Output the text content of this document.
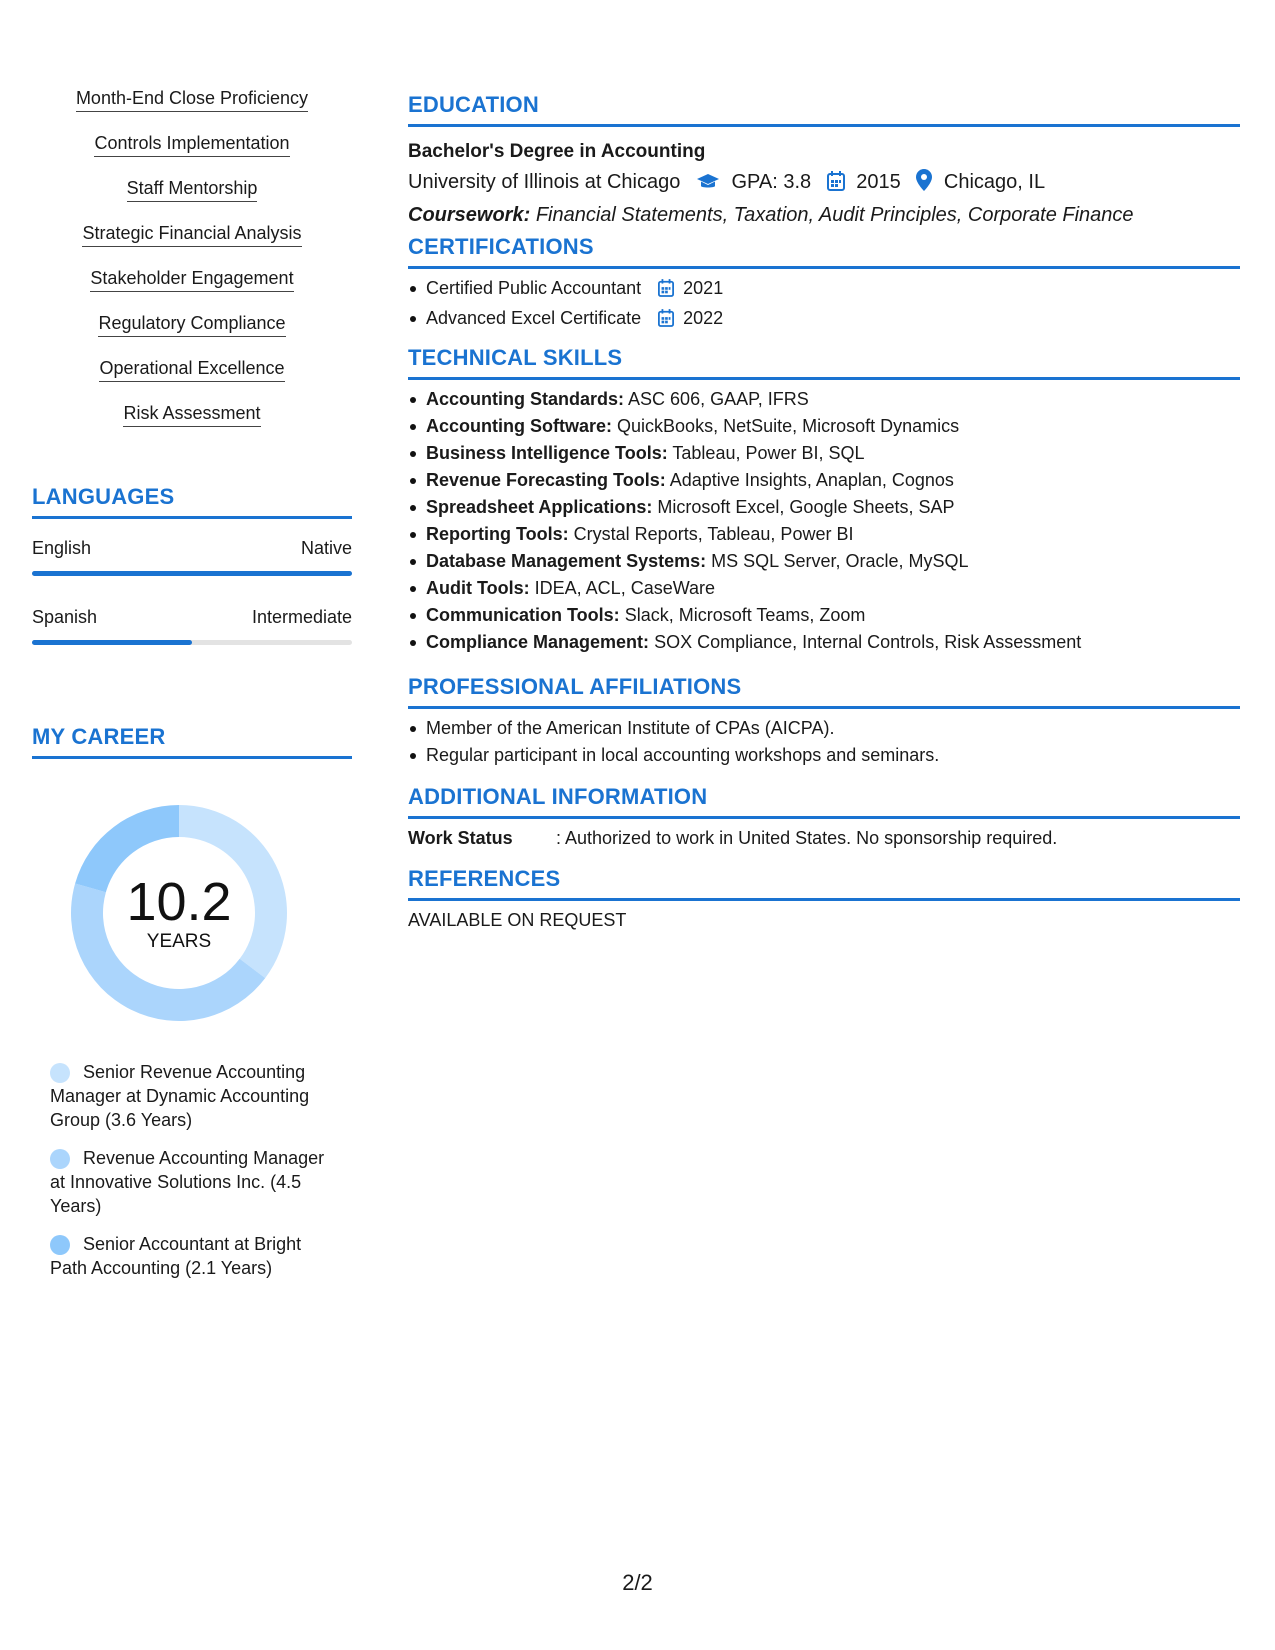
Month-End Close Proficiency
Controls Implementation
Staff Mentorship
Strategic Financial Analysis
Stakeholder Engagement
Regulatory Compliance
Operational Excellence
Risk Assessment
LANGUAGES
English	Native
Spanish	Intermediate
MY CAREER
10.2
YEARS
Senior Revenue Accounting Manager at Dynamic Accounting Group (3.6 Years)
Revenue Accounting Manager at Innovative Solutions Inc. (4.5 Years)
Senior Accountant at Bright Path Accounting (2.1 Years)
EDUCATION
Bachelor's Degree in Accounting
University of Illinois at Chicago	GPA: 3.8 2015 Chicago, IL
Coursework: Financial Statements, Taxation, Audit Principles, Corporate Finance
CERTIFICATIONS
Certified Public Accountant 2021
Advanced Excel Certificate 2022
TECHNICAL SKILLS
Accounting Standards: ASC 606, GAAP, IFRS
Accounting Software: QuickBooks, NetSuite, Microsoft Dynamics
Business Intelligence Tools: Tableau, Power BI, SQL
Revenue Forecasting Tools: Adaptive Insights, Anaplan, Cognos
Spreadsheet Applications: Microsoft Excel, Google Sheets, SAP
Reporting Tools: Crystal Reports, Tableau, Power BI
Database Management Systems: MS SQL Server, Oracle, MySQL
Audit Tools: IDEA, ACL, CaseWare
Communication Tools: Slack, Microsoft Teams, Zoom
Compliance Management: SOX Compliance, Internal Controls, Risk Assessment
PROFESSIONAL AFFILIATIONS
Member of the American Institute of CPAs (AICPA).
Regular participant in local accounting workshops and seminars.
ADDITIONAL INFORMATION
Work Status	: Authorized to work in United States. No sponsorship required.
REFERENCES
AVAILABLE ON REQUEST
2/2
